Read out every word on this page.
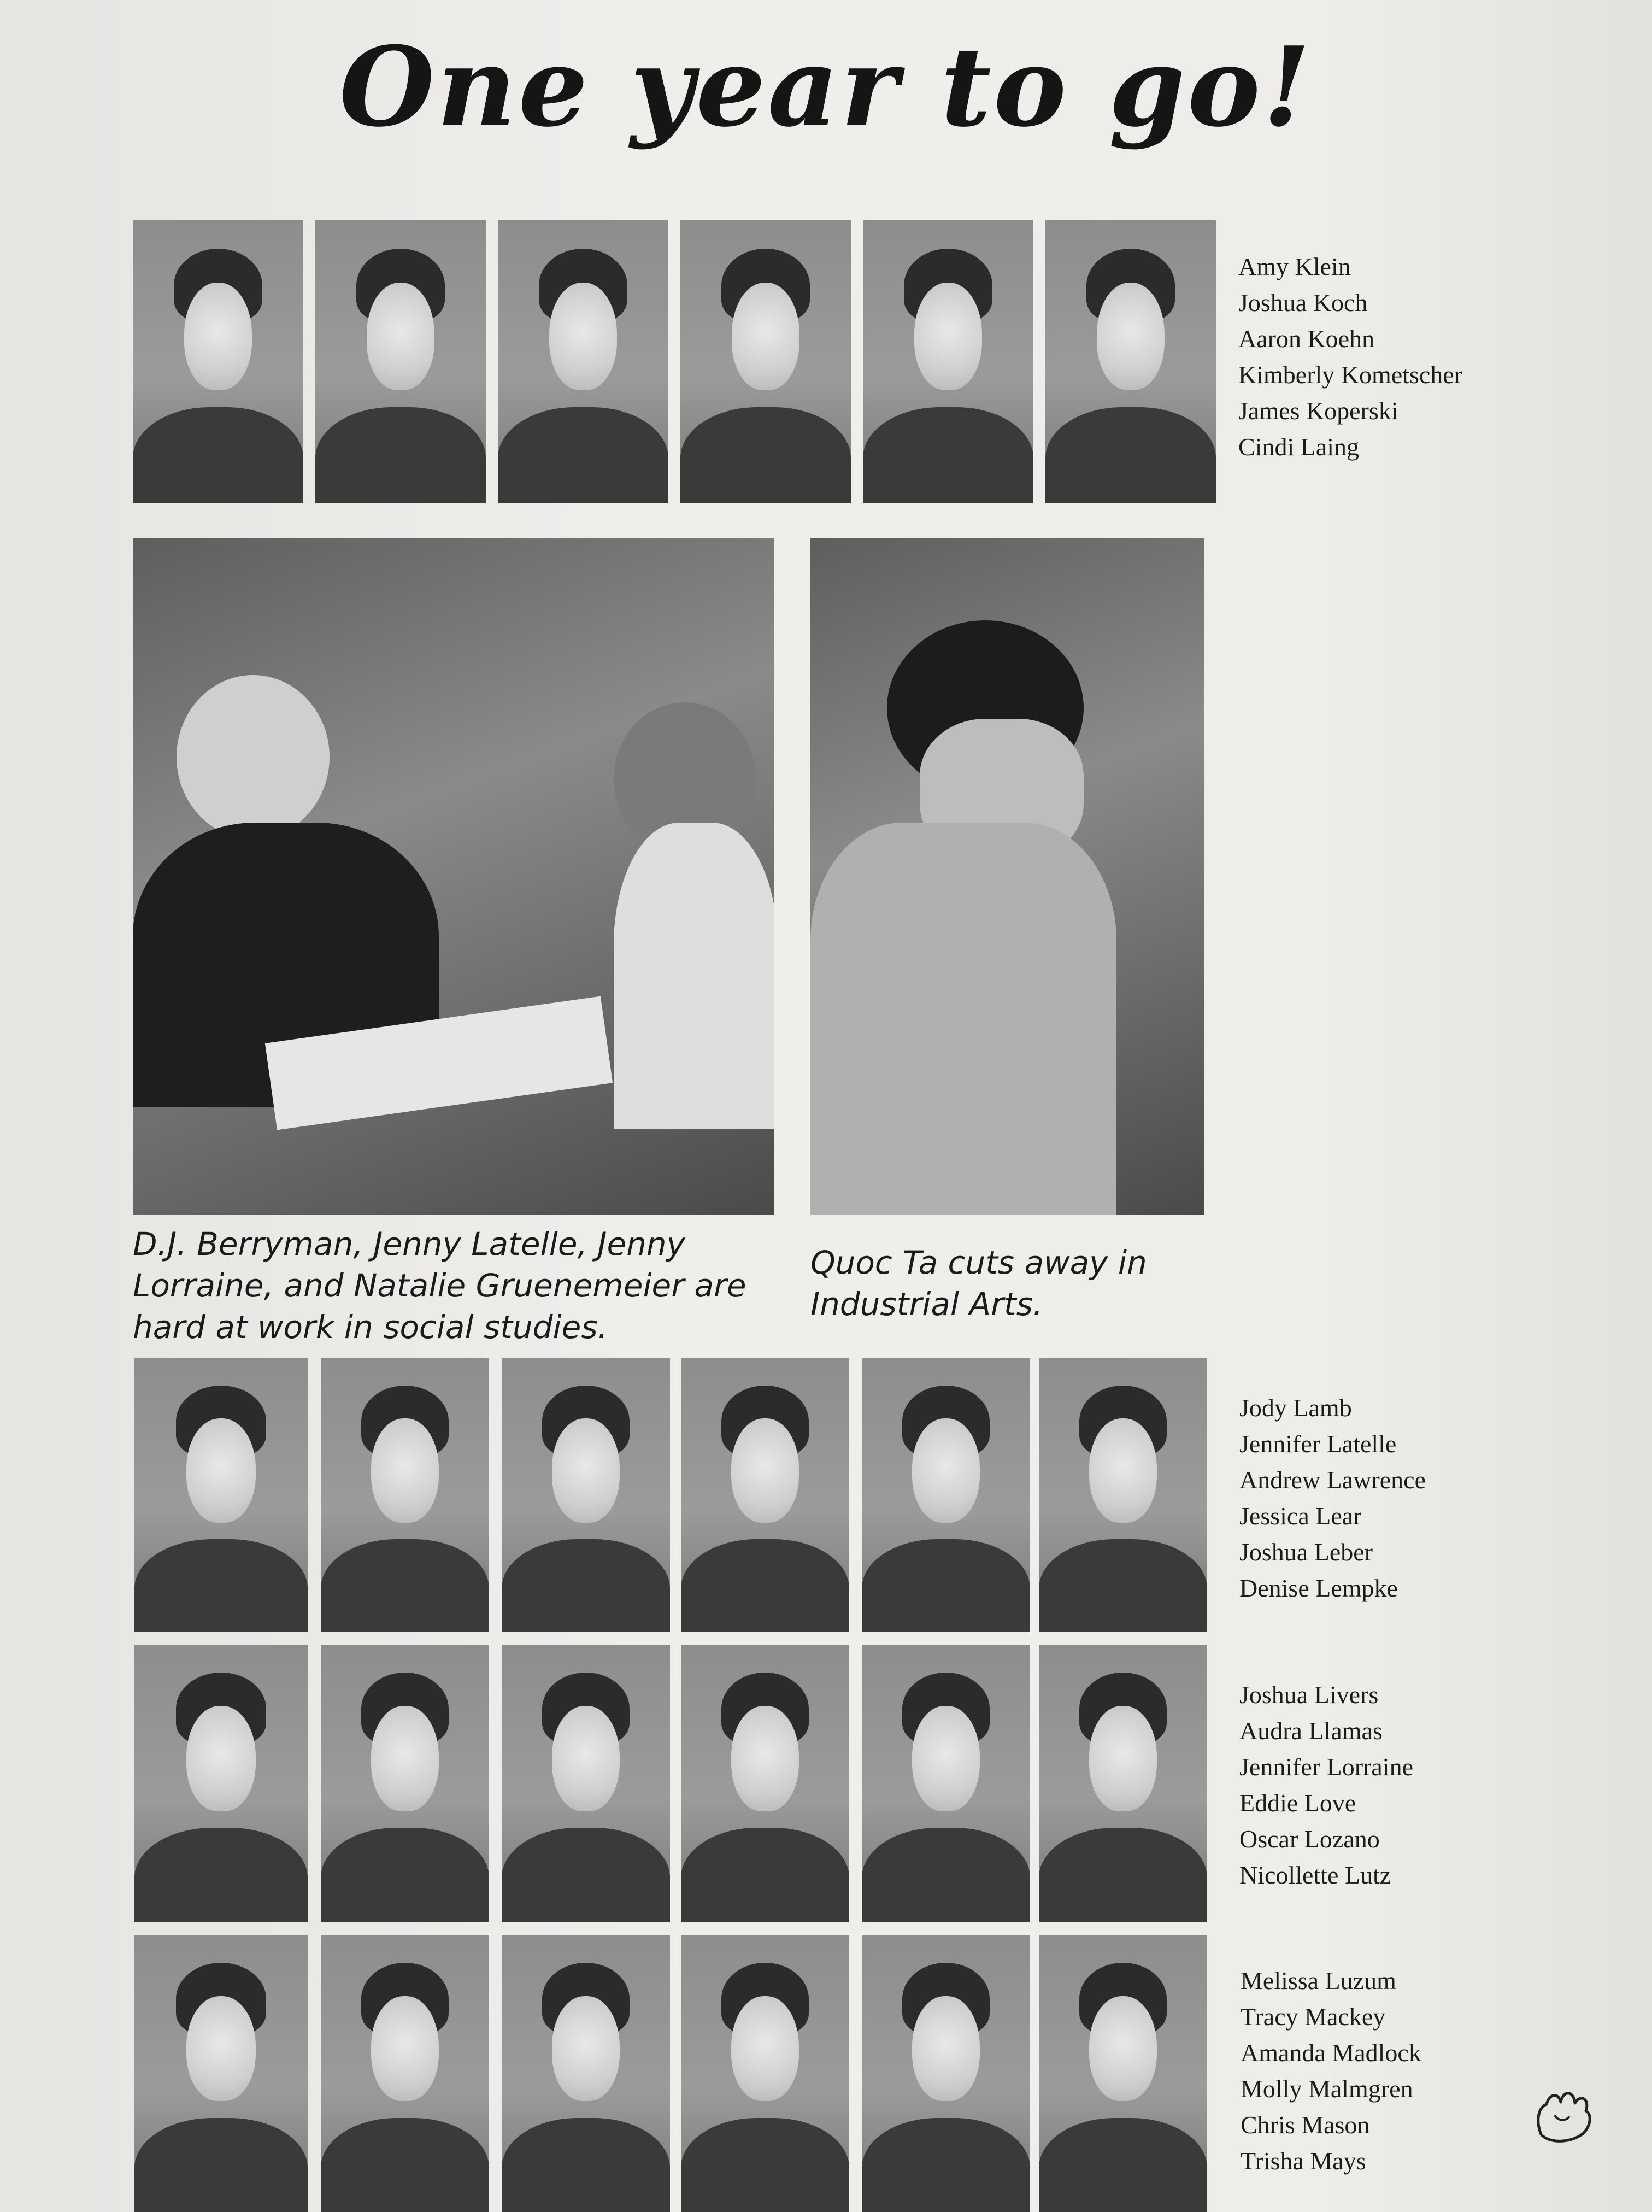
One year to go!
Amy Klein
Joshua Koch
Aaron Koehn
Kimberly Kometscher
James Koperski
Cindi Laing
D.J. Berryman, Jenny Latelle, Jenny Lorraine, and Natalie Gruenemeier are hard at work in social studies.
Quoc Ta cuts away in Industrial Arts.
Jody Lamb
Jennifer Latelle
Andrew Lawrence
Jessica Lear
Joshua Leber
Denise Lempke
Joshua Livers
Audra Llamas
Jennifer Lorraine
Eddie Love
Oscar Lozano
Nicollette Lutz
Melissa Luzum
Tracy Mackey
Amanda Madlock
Molly Malmgren
Chris Mason
Trisha Mays
